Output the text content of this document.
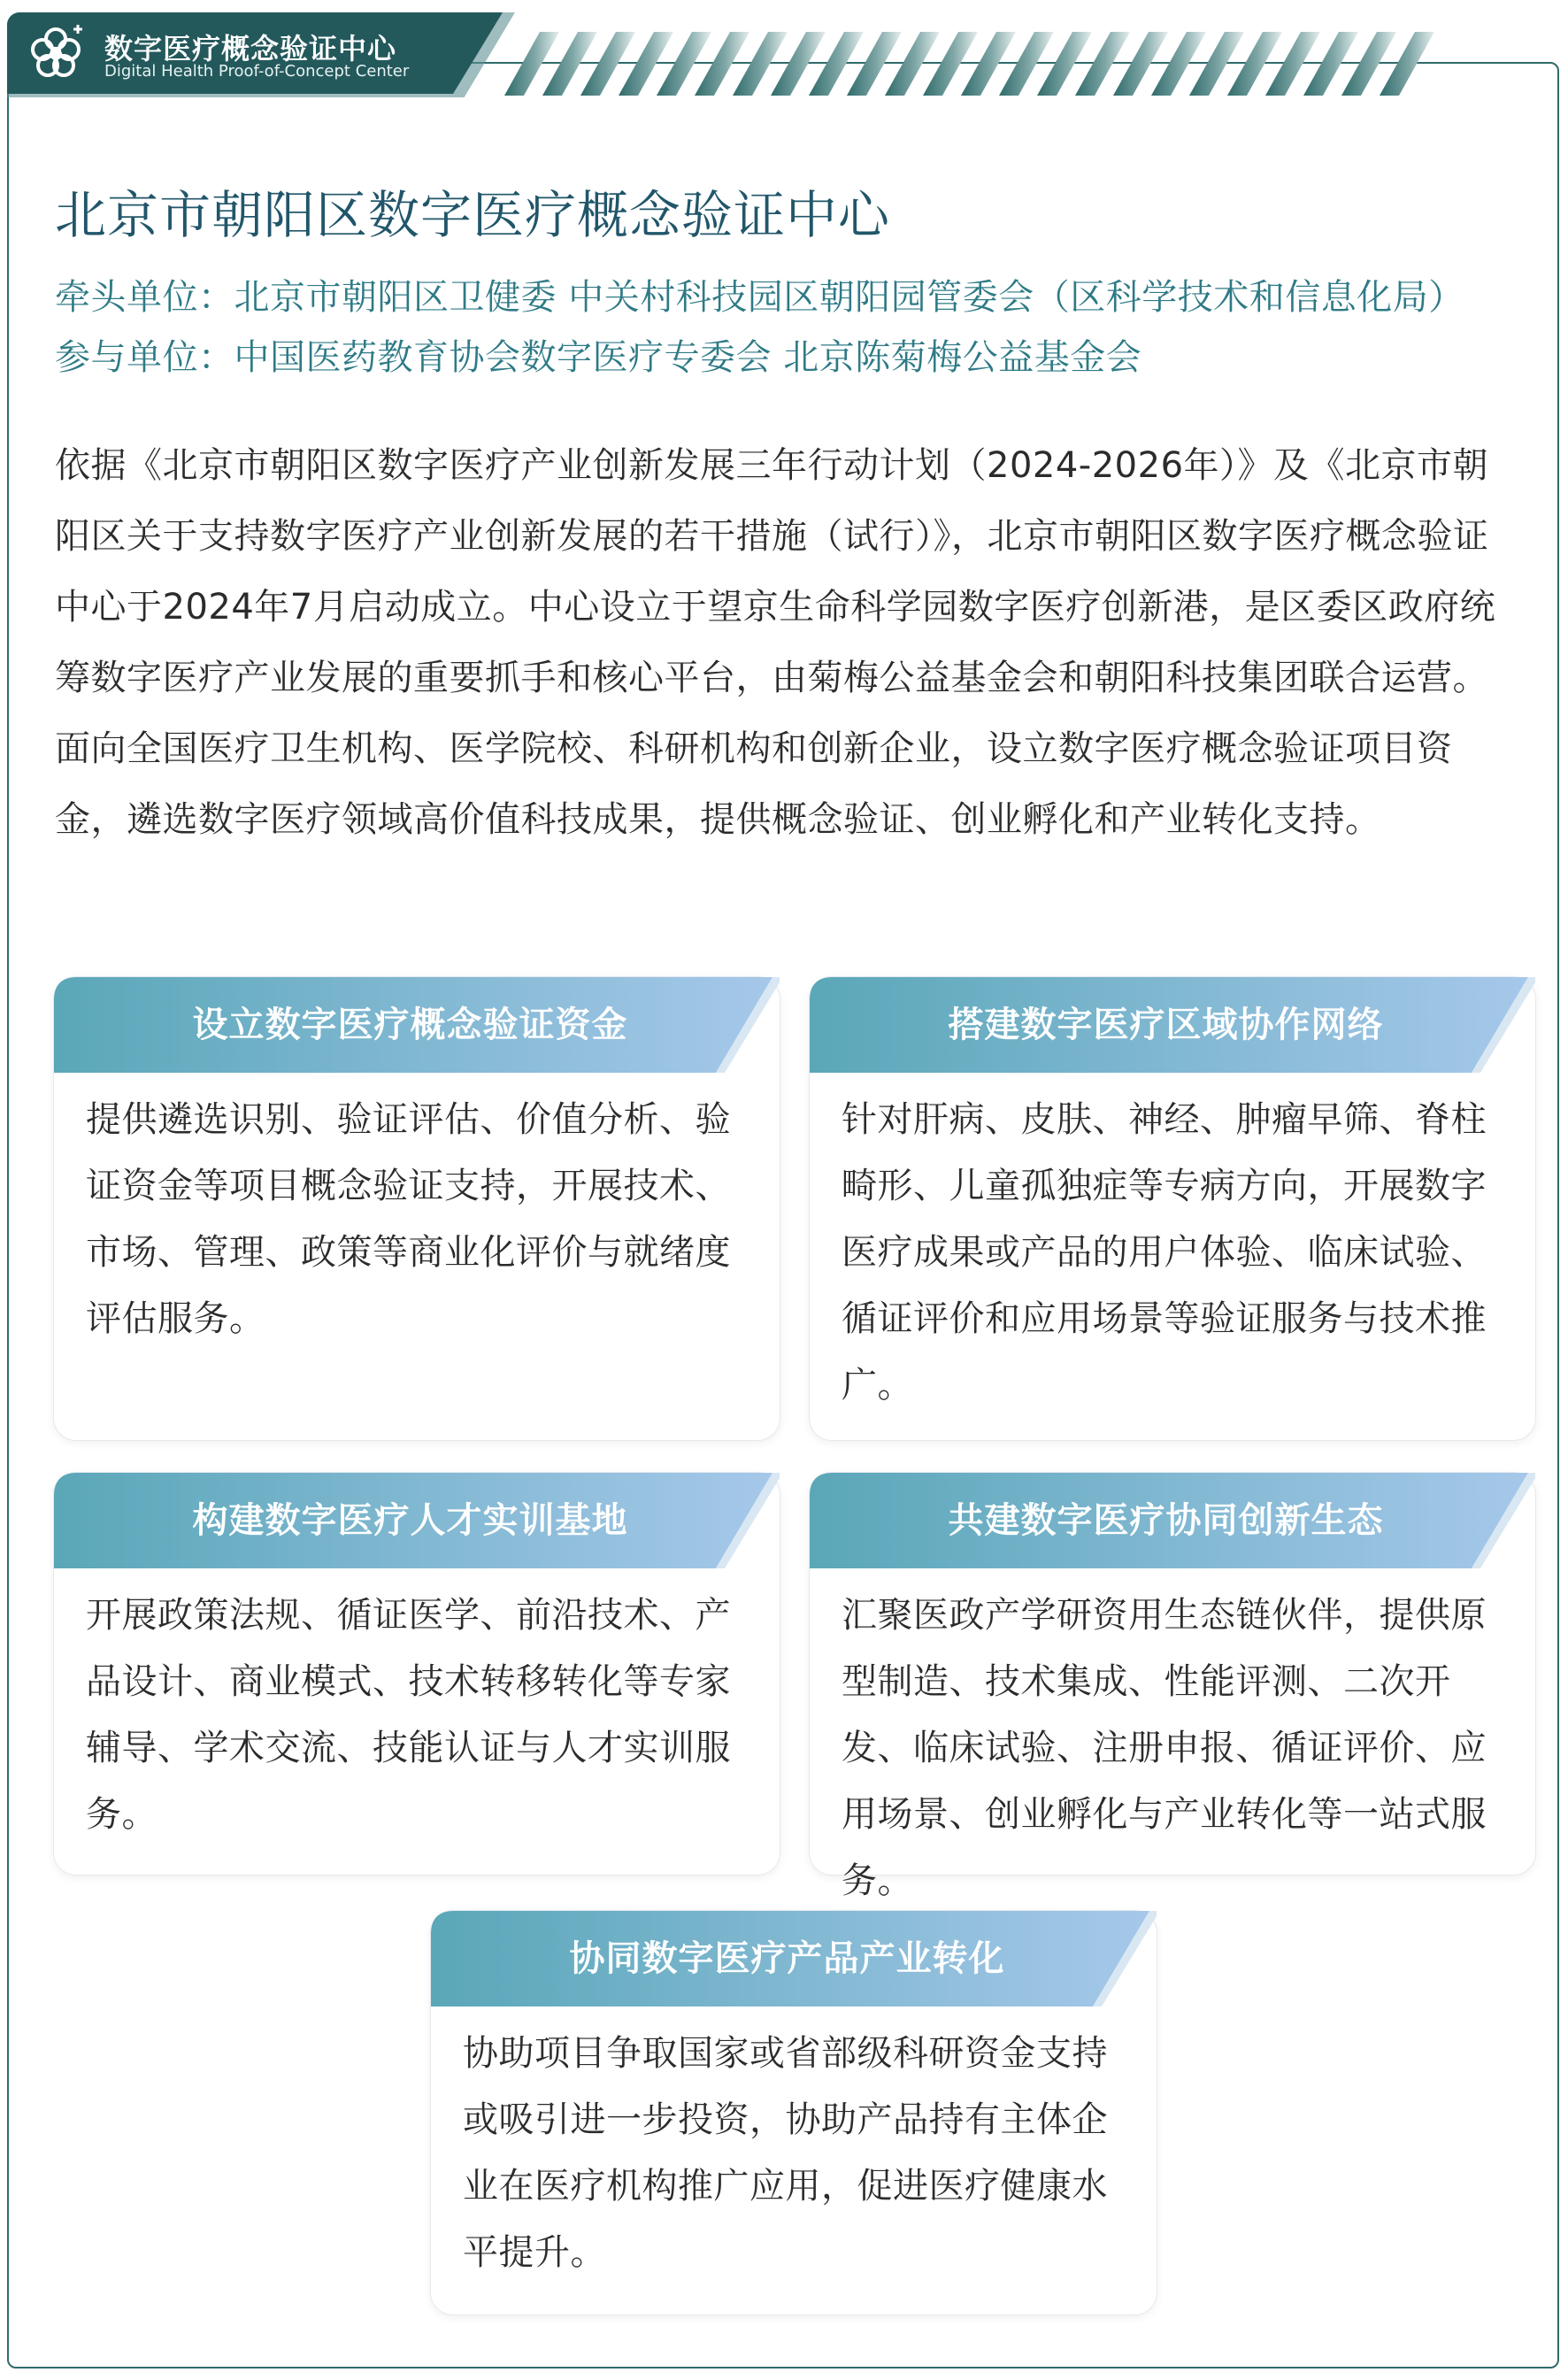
数字医疗概念验证中心
Digital Health Proof-of-Concept Center
北京市朝阳区数字医疗概念验证中心
牵头单位：北京市朝阳区卫健委 中关村科技园区朝阳园管委会（区科学技术和信息化局）
参与单位：中国医药教育协会数字医疗专委会 北京陈菊梅公益基金会
依据《北京市朝阳区数字医疗产业创新发展三年行动计划（2024-2026年）》及《北京市朝阳区关于支持数字医疗产业创新发展的若干措施（试行）》，北京市朝阳区数字医疗概念验证中心于2024年7月启动成立。中心设立于望京生命科学园数字医疗创新港，是区委区政府统筹数字医疗产业发展的重要抓手和核心平台，由菊梅公益基金会和朝阳科技集团联合运营。面向全国医疗卫生机构、医学院校、科研机构和创新企业，设立数字医疗概念验证项目资金，遴选数字医疗领域高价值科技成果，提供概念验证、创业孵化和产业转化支持。
设立数字医疗概念验证资金
提供遴选识别、验证评估、价值分析、验证资金等项目概念验证支持，开展技术、市场、管理、政策等商业化评价与就绪度评估服务。
搭建数字医疗区域协作网络
针对肝病、皮肤、神经、肿瘤早筛、脊柱畸形、儿童孤独症等专病方向，开展数字医疗成果或产品的用户体验、临床试验、循证评价和应用场景等验证服务与技术推广。
构建数字医疗人才实训基地
开展政策法规、循证医学、前沿技术、产品设计、商业模式、技术转移转化等专家辅导、学术交流、技能认证与人才实训服务。
共建数字医疗协同创新生态
汇聚医政产学研资用生态链伙伴，提供原型制造、技术集成、性能评测、二次开发、临床试验、注册申报、循证评价、应用场景、创业孵化与产业转化等一站式服务。
协同数字医疗产品产业转化
协助项目争取国家或省部级科研资金支持或吸引进一步投资，协助产品持有主体企业在医疗机构推广应用，促进医疗健康水平提升。
